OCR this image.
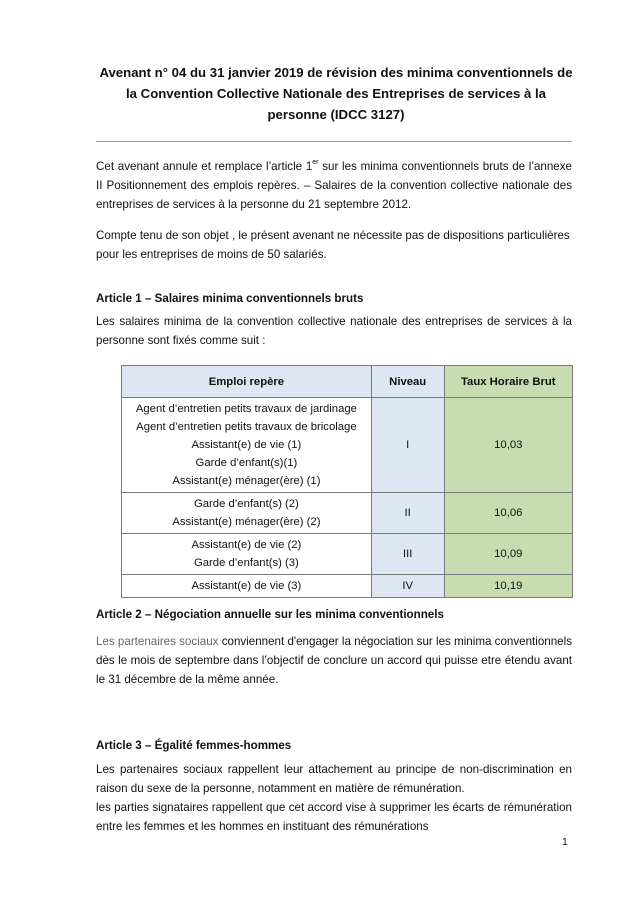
Avenant n° 04 du 31 janvier 2019 de révision des minima conventionnels de la Convention Collective Nationale des Entreprises de services à la personne (IDCC 3127)
Cet avenant annule et remplace l’article 1er sur les minima conventionnels bruts de l’annexe II Positionnement des emplois repères. – Salaires de la convention collective nationale des entreprises de services à la personne du 21 septembre 2012.
Compte tenu de son objet , le présent avenant ne nécessite pas de dispositions particulières pour les entreprises de moins de 50 salariés.
Article 1 – Salaires minima conventionnels bruts
Les salaires minima de la convention collective nationale des entreprises de services à la personne sont fixés comme suit :
Emploi repère	Niveau	Taux Horaire Brut

Agent d’entretien petits travaux de jardinage
Agent d’entretien petits travaux de bricolage
Assistant(e) de vie (1)
Garde d’enfant(s)(1)
Assistant(e) ménager(ère) (1)	I	10,03

Garde d’enfant(s) (2)
Assistant(e) ménager(ère) (2)	II	10,06

Assistant(e) de vie (2)
Garde d’enfant(s) (3)	III	10,09

Assistant(e) de vie (3)	IV	10,19
Article 2 – Négociation annuelle sur les minima conventionnels
Les partenaires sociaux conviennent d'engager la négociation sur les minima conventionnels dès le mois de septembre dans l’objectif de conclure un accord qui puisse etre étendu avant le 31 décembre de la même année.
Article 3 – Égalité femmes-hommes
Les partenaires sociaux rappellent leur attachement au principe de non-discrimination en raison du sexe de la personne, notamment en matière de rémunération.
les parties signataires rappellent que cet accord vise à supprimer les écarts de rémunération entre les femmes et les hommes en instituant des rémunérations
1
